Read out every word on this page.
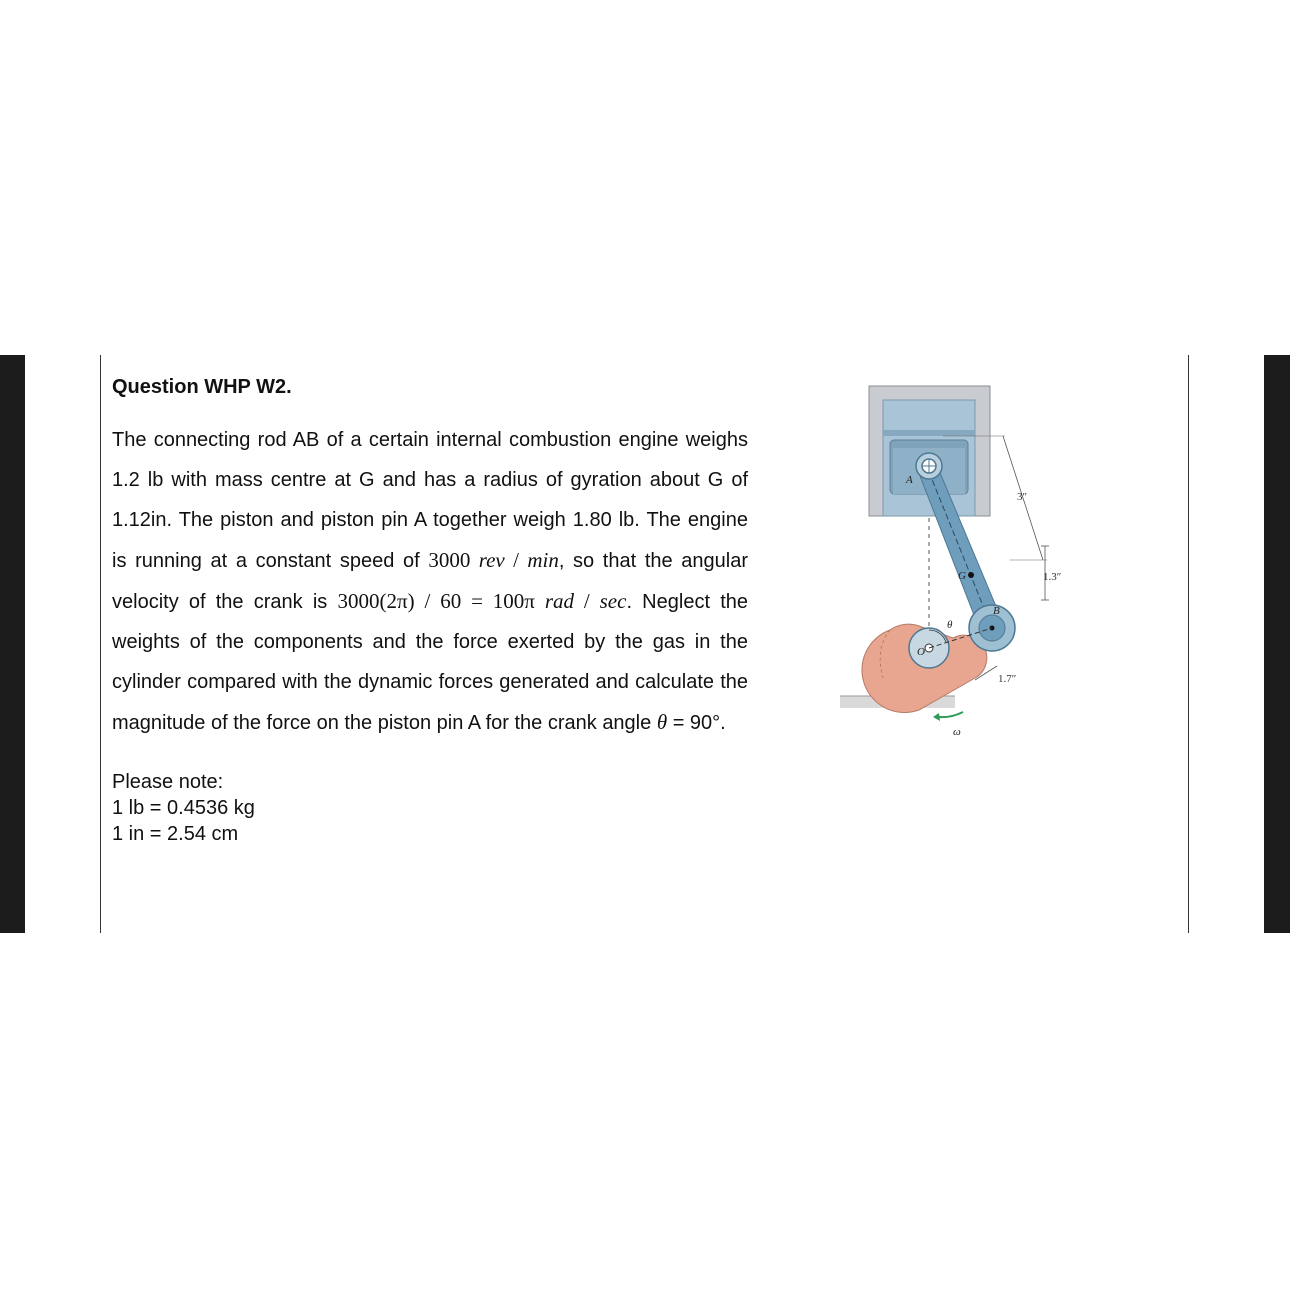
Question WHP W2.

The connecting rod AB of a certain internal combustion engine weighs 1.2 lb with mass centre at G and has a radius of gyration about G of 1.12in. The piston and piston pin A together weigh 1.80 lb. The engine is running at a constant speed of 3000 rev / min, so that the angular velocity of the crank is 3000(2π) / 60 = 100π rad / sec. Neglect the weights of the components and the force exerted by the gas in the cylinder compared with the dynamic forces generated and calculate the magnitude of the force on the piston pin A for the crank angle θ = 90°.

Please note:
1 lb = 0.4536 kg
1 in = 2.54 cm
A
G
B
O
θ
ω
3″
1.3″
1.7″
